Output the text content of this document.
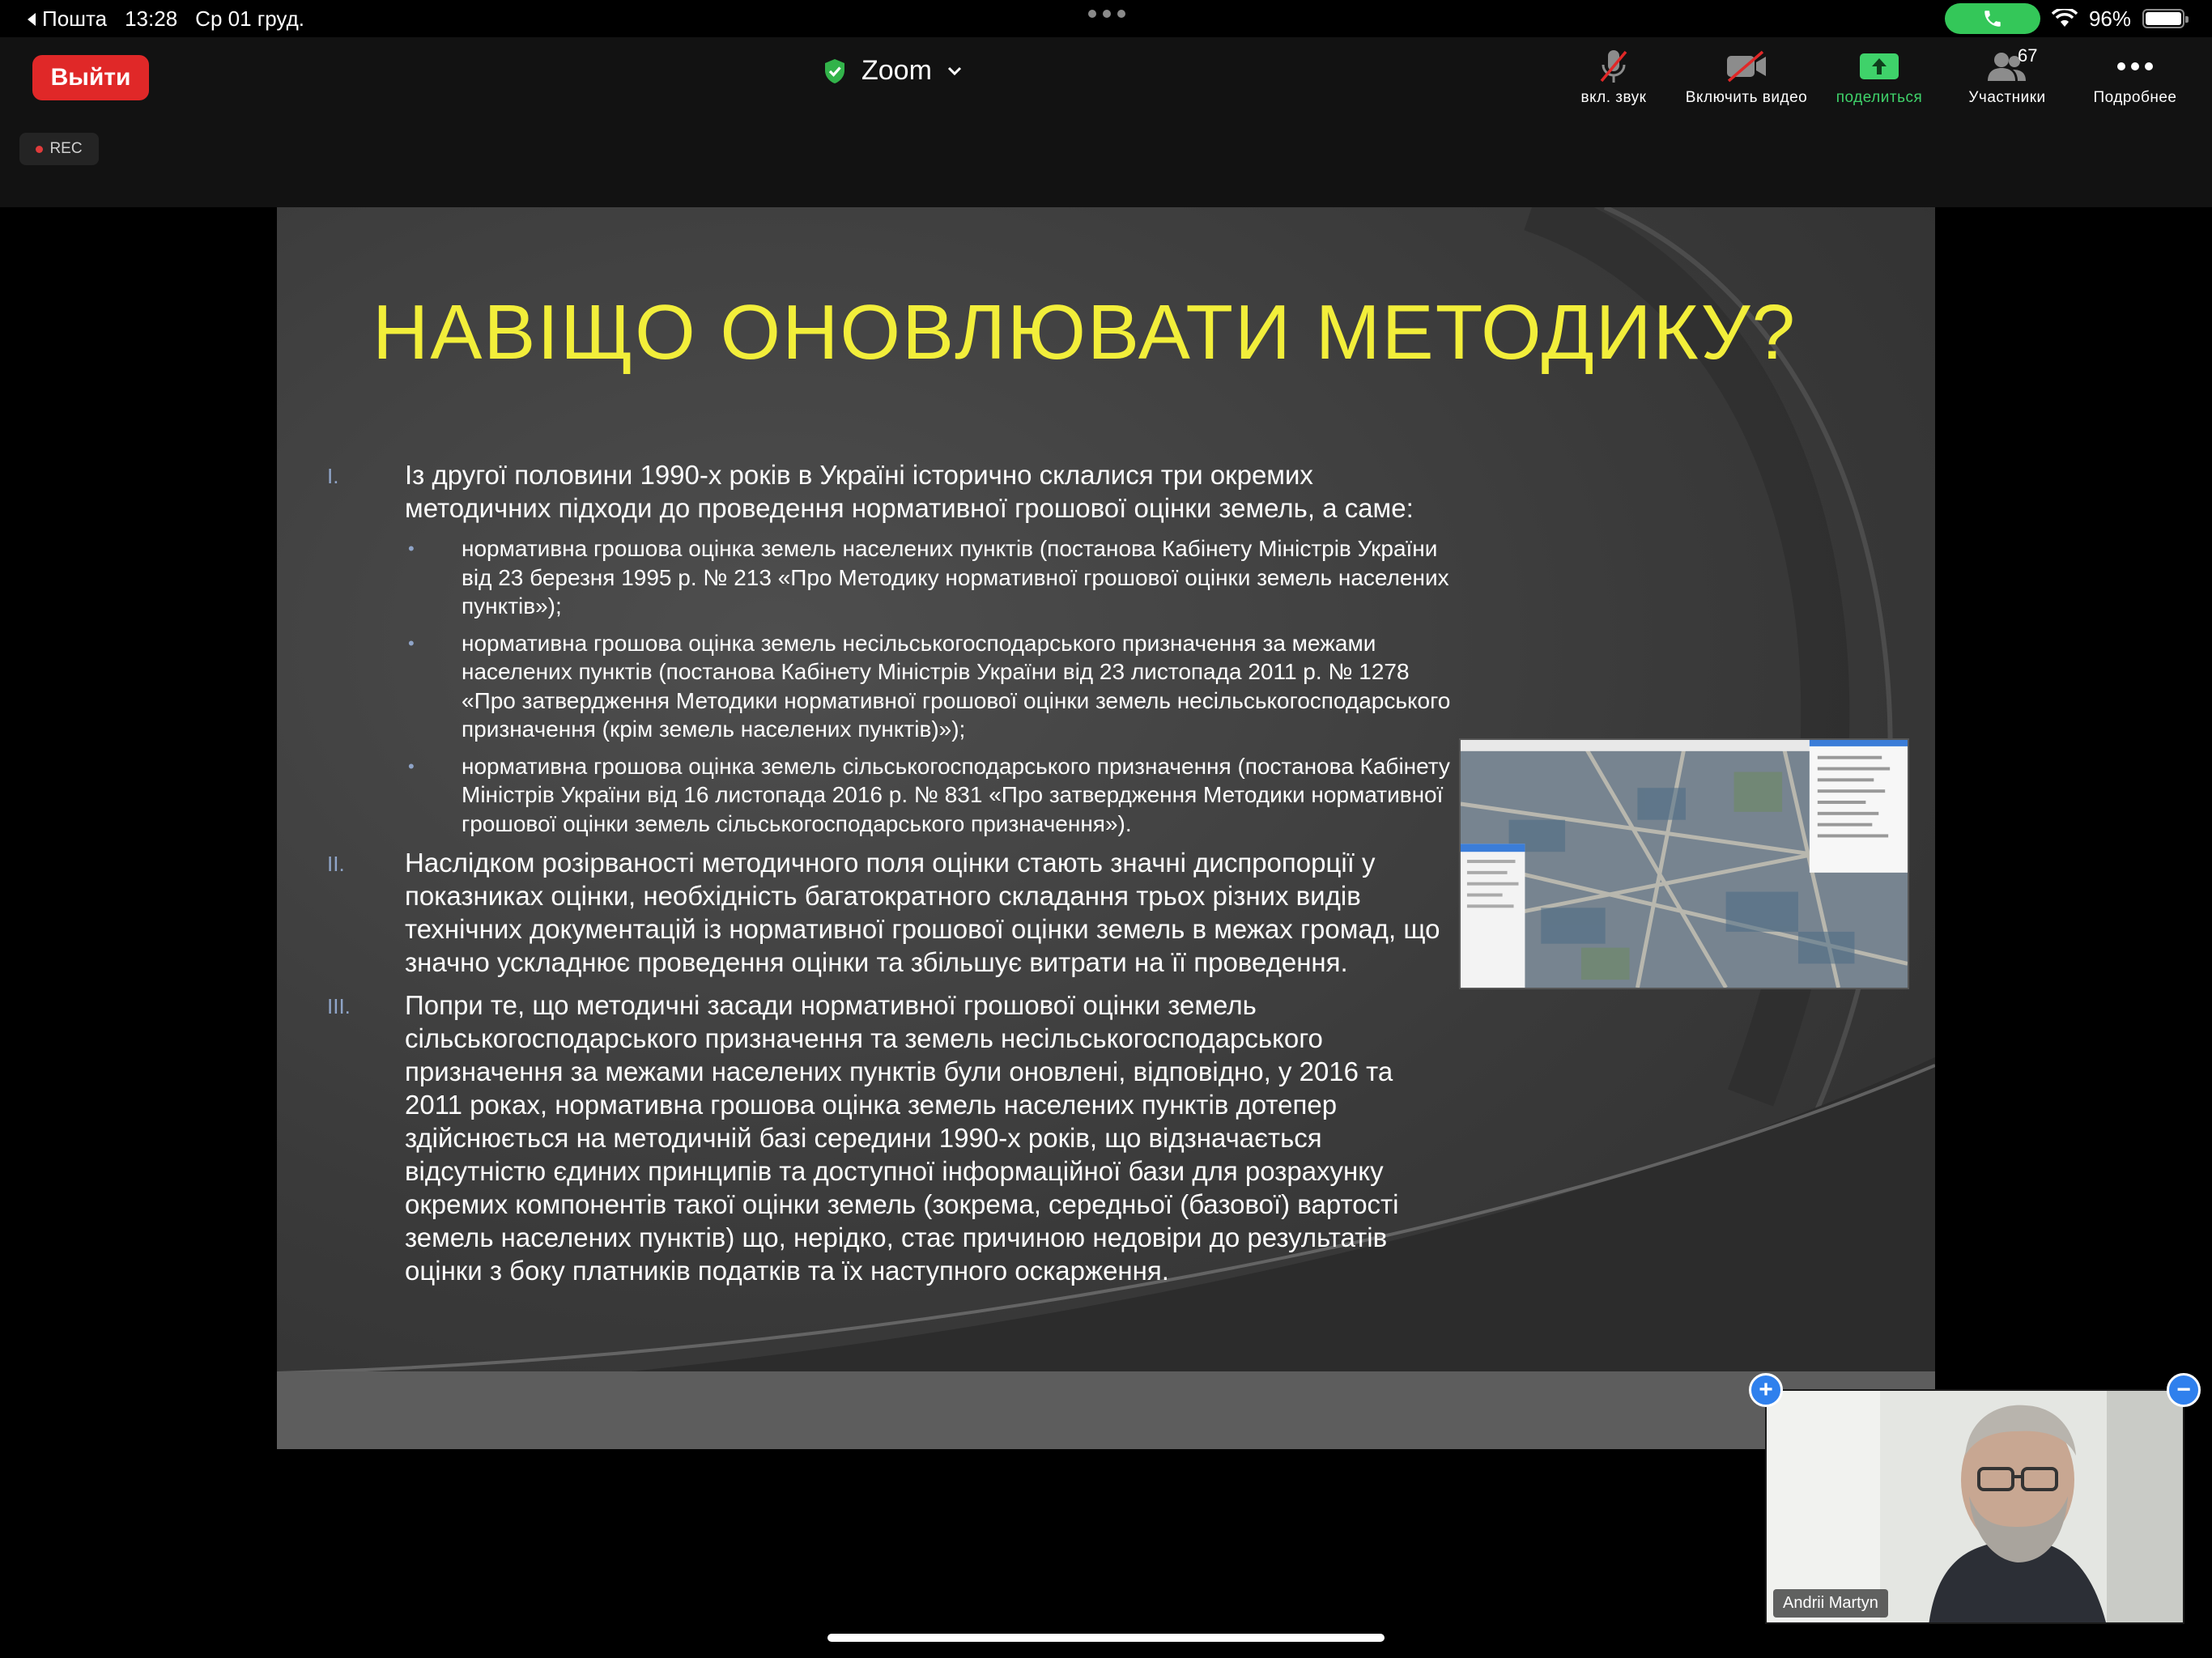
Пошта 13:28 Ср 01 груд.	96%
Выйти	Zoom
вкл. звук	Включить видео поделиться
67
Участники	Подробнее
REC
НАВІЩО ОНОВЛЮВАТИ МЕТОДИКУ?
I. Із другої половини 1990-х років в Україні історично склалися три окремих методичних підходи до проведення нормативної грошової оцінки земель, а саме:
• нормативна грошова оцінка земель населених пунктів (постанова Кабінету Міністрів України від 23 березня 1995 р. № 213 «Про Методику нормативної грошової оцінки земель населених пунктів»);
• нормативна грошова оцінка земель несільськогосподарського призначення за межами населених пунктів (постанова Кабінету Міністрів України від 23 листопада 2011 р. № 1278 «Про затвердження Методики нормативної грошової оцінки земель несільськогосподарського призначення (крім земель населених пунктів)»);
• нормативна грошова оцінка земель сільськогосподарського призначення (постанова Кабінету Міністрів України від 16 листопада 2016 р. № 831 «Про затвердження Методики нормативної грошової оцінки земель сільськогосподарського призначення»).
II. Наслідком розірваності методичного поля оцінки стають значні диспропорції у показниках оцінки, необхідність багатократного складання трьох різних видів технічних документацій із нормативної грошової оцінки земель в межах громад, що значно ускладнює проведення оцінки та збільшує витрати на її проведення.
III. Попри те, що методичні засади нормативної грошової оцінки земель сільськогосподарського призначення та земель несільськогосподарського призначення за межами населених пунктів були оновлені, відповідно, у 2016 та 2011 роках, нормативна грошова оцінка земель населених пунктів дотепер здійснюється на методичній базі середини 1990-х років, що відзначається відсутністю єдиних принципів та доступної інформаційної бази для розрахунку окремих компонентів такої оцінки земель (зокрема, середньої (базової) вартості земель населених пунктів) що, нерідко, стає причиною недовіри до результатів оцінки з боку платників податків та їх наступного оскарження.
Andrii Martyn
+	−
